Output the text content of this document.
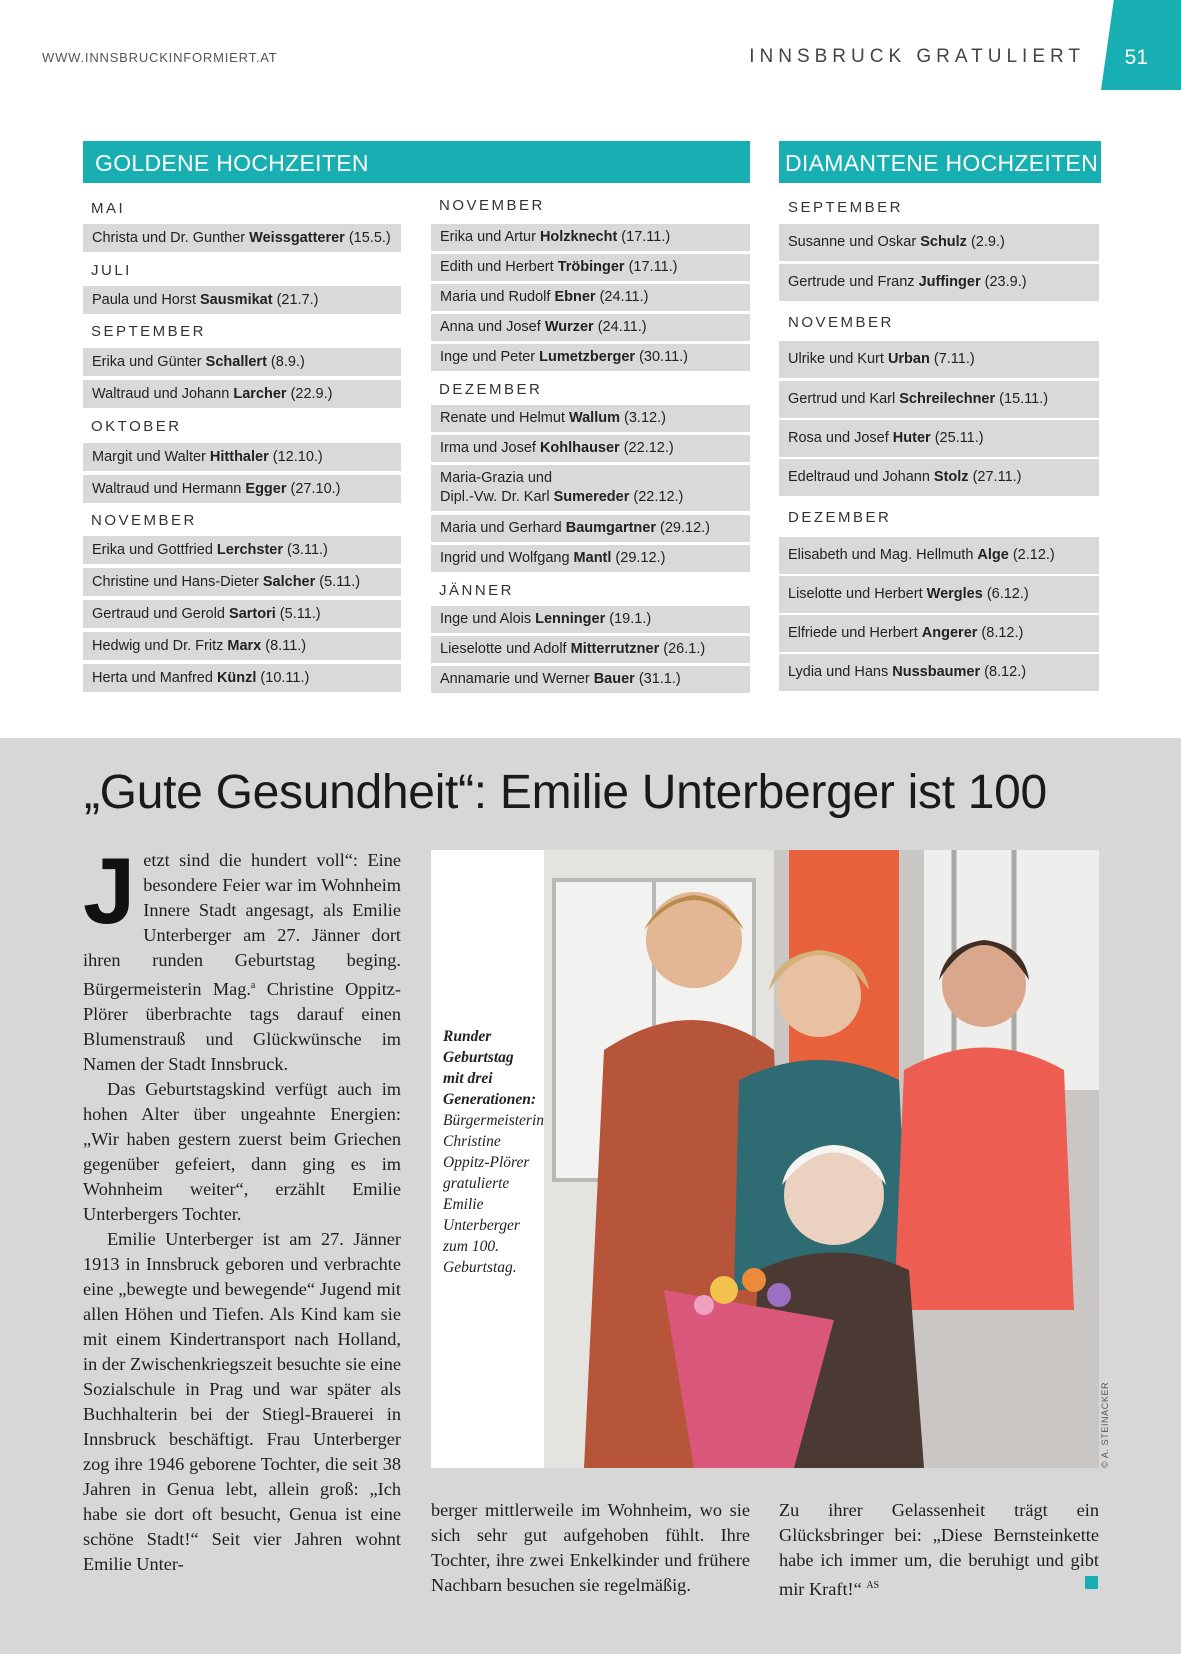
WWW.INNSBRUCKINFORMIERT.AT	INNSBRUCK GRATULIERT 51
GOLDENE HOCHZEITEN
MAI
Christa und Dr. Gunther Weissgatterer (15.5.)
JULI
Paula und Horst Sausmikat (21.7.)
SEPTEMBER
Erika und Günter Schallert (8.9.)
Waltraud und Johann Larcher (22.9.)
OKTOBER
Margit und Walter Hitthaler (12.10.)
Waltraud und Hermann Egger (27.10.)
NOVEMBER
Erika und Gottfried Lerchster (3.11.)
Christine und Hans-Dieter Salcher (5.11.)
Gertraud und Gerold Sartori (5.11.)
Hedwig und Dr. Fritz Marx (8.11.)
Herta und Manfred Künzl (10.11.)
NOVEMBER
Erika und Artur Holzknecht (17.11.)
Edith und Herbert Tröbinger (17.11.)
Maria und Rudolf Ebner (24.11.)
Anna und Josef Wurzer (24.11.)
Inge und Peter Lumetzberger (30.11.)
DEZEMBER
Renate und Helmut Wallum (3.12.)
Irma und Josef Kohlhauser (22.12.)
Maria-Grazia und
Dipl.-Vw. Dr. Karl Sumereder (22.12.)
Maria und Gerhard Baumgartner (29.12.)
Ingrid und Wolfgang Mantl (29.12.)
JÄNNER
Inge und Alois Lenninger (19.1.)
Lieselotte und Adolf Mitterrutzner (26.1.)
Annamarie und Werner Bauer (31.1.)
DIAMANTENE HOCHZEITEN
SEPTEMBER
Susanne und Oskar Schulz (2.9.)
Gertrude und Franz Juffinger (23.9.)
NOVEMBER
Ulrike und Kurt Urban (7.11.)
Gertrud und Karl Schreilechner (15.11.)
Rosa und Josef Huter (25.11.)
Edeltraud und Johann Stolz (27.11.)
DEZEMBER
Elisabeth und Mag. Hellmuth Alge (2.12.)
Liselotte und Herbert Wergles (6.12.)
Elfriede und Herbert Angerer (8.12.)
Lydia und Hans Nussbaumer (8.12.)
„Gute Gesundheit“: Emilie Unterberger ist 100

Jetzt sind die hundert voll“: Eine besondere Feier war im Wohnheim Innere Stadt angesagt, als Emilie Unterberger am 27. Jänner dort ihren runden Geburtstag beging. Bürgermeisterin Mag.$^a$ Christine Oppitz-Plörer überbrachte tags darauf einen Blumenstrauß und Glückwünsche im Namen der Stadt Innsbruck.

Das Geburtstagskind verfügt auch im hohen Alter über ungeahnte Energien: „Wir haben gestern zuerst beim Griechen gegenüber gefeiert, dann ging es im Wohnheim weiter“, erzählt Emilie Unterbergers Tochter.

Emilie Unterberger ist am 27. Jänner 1913 in Innsbruck geboren und verbrachte eine „bewegte und bewegende“ Jugend mit allen Höhen und Tiefen. Als Kind kam sie mit einem Kindertransport nach Holland, in der Zwischenkriegszeit besuchte sie eine Sozialschule in Prag und war später als Buchhalterin bei der Stiegl-Brauerei in Innsbruck beschäftigt. Frau Unterberger zog ihre 1946 geborene Tochter, die seit 38 Jahren in Genua lebt, allein groß: „Ich habe sie dort oft besucht, Genua ist eine schöne Stadt!“ Seit vier Jahren wohnt Emilie Unter-

Runder Geburtstag mit drei Generationen: Bürgermeisterin Christine Oppitz-Plörer gratulierte Emilie Unterberger zum 100. Geburtstag.
© A. STEINACKER

berger mittlerweile im Wohnheim, wo sie sich sehr gut aufgehoben fühlt. Ihre Tochter, ihre zwei Enkelkinder und frühere Nachbarn besuchen sie regelmäßig.

Zu ihrer Gelassenheit trägt ein Glücksbringer bei: „Diese Bernsteinkette habe ich immer um, die beruhigt und gibt mir Kraft!“ $^{AS}$
